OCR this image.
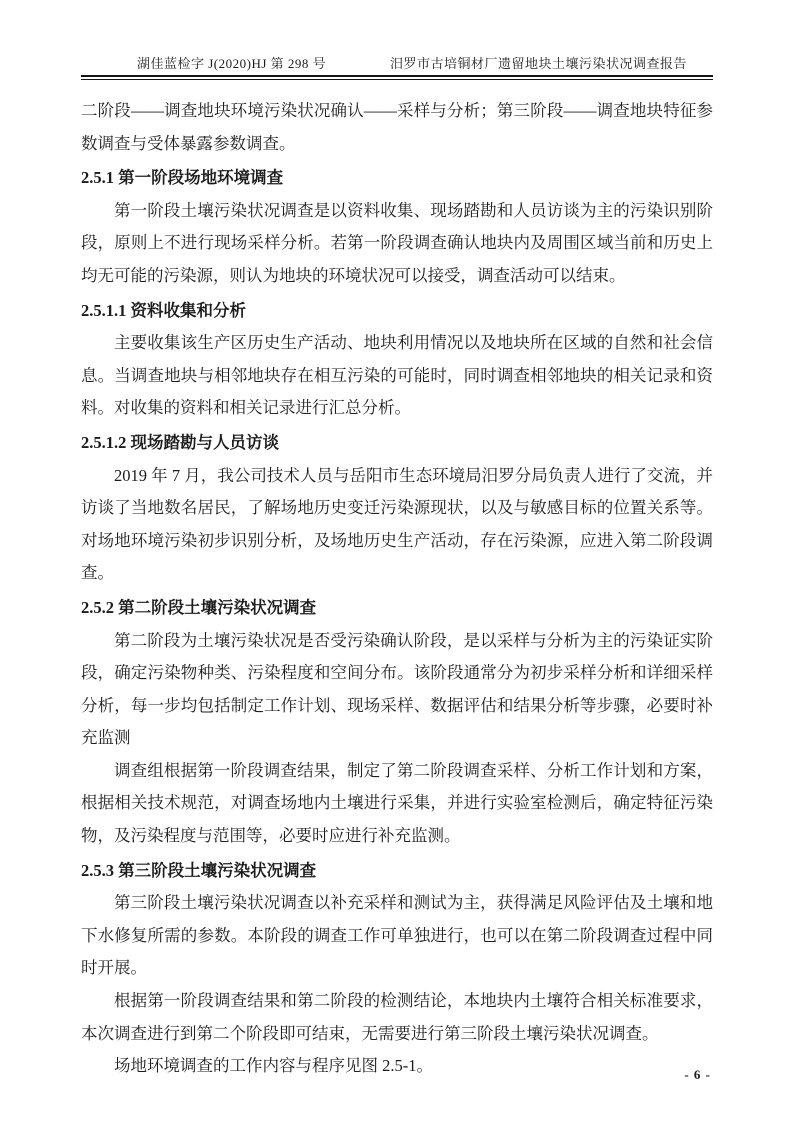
湖佳蓝检字 J(2020)HJ 第 298 号	汨罗市古培铜材厂遗留地块土壤污染状况调查报告

二阶段——调查地块环境污染状况确认——采样与分析；第三阶段——调查地块特征参数调查与受体暴露参数调查。

2.5.1 第一阶段场地环境调查

第一阶段土壤污染状况调查是以资料收集、现场踏勘和人员访谈为主的污染识别阶段，原则上不进行现场采样分析。若第一阶段调查确认地块内及周围区域当前和历史上均无可能的污染源，则认为地块的环境状况可以接受，调查活动可以结束。

2.5.1.1 资料收集和分析

主要收集该生产区历史生产活动、地块利用情况以及地块所在区域的自然和社会信息。当调查地块与相邻地块存在相互污染的可能时，同时调查相邻地块的相关记录和资料。对收集的资料和相关记录进行汇总分析。

2.5.1.2 现场踏勘与人员访谈

2019 年 7 月，我公司技术人员与岳阳市生态环境局汨罗分局负责人进行了交流，并访谈了当地数名居民，了解场地历史变迁污染源现状，以及与敏感目标的位置关系等。对场地环境污染初步识别分析，及场地历史生产活动，存在污染源，应进入第二阶段调查。

2.5.2 第二阶段土壤污染状况调查

第二阶段为土壤污染状况是否受污染确认阶段，是以采样与分析为主的污染证实阶段，确定污染物种类、污染程度和空间分布。该阶段通常分为初步采样分析和详细采样分析，每一步均包括制定工作计划、现场采样、数据评估和结果分析等步骤，必要时补充监测

调查组根据第一阶段调查结果，制定了第二阶段调查采样、分析工作计划和方案，根据相关技术规范，对调查场地内土壤进行采集，并进行实验室检测后，确定特征污染物，及污染程度与范围等，必要时应进行补充监测。

2.5.3 第三阶段土壤污染状况调查

第三阶段土壤污染状况调查以补充采样和测试为主，获得满足风险评估及土壤和地下水修复所需的参数。本阶段的调查工作可单独进行，也可以在第二阶段调查过程中同时开展。

根据第一阶段调查结果和第二阶段的检测结论，本地块内土壤符合相关标准要求，本次调查进行到第二个阶段即可结束，无需要进行第三阶段土壤污染状况调查。

场地环境调查的工作内容与程序见图 2.5-1。	- 6 -
